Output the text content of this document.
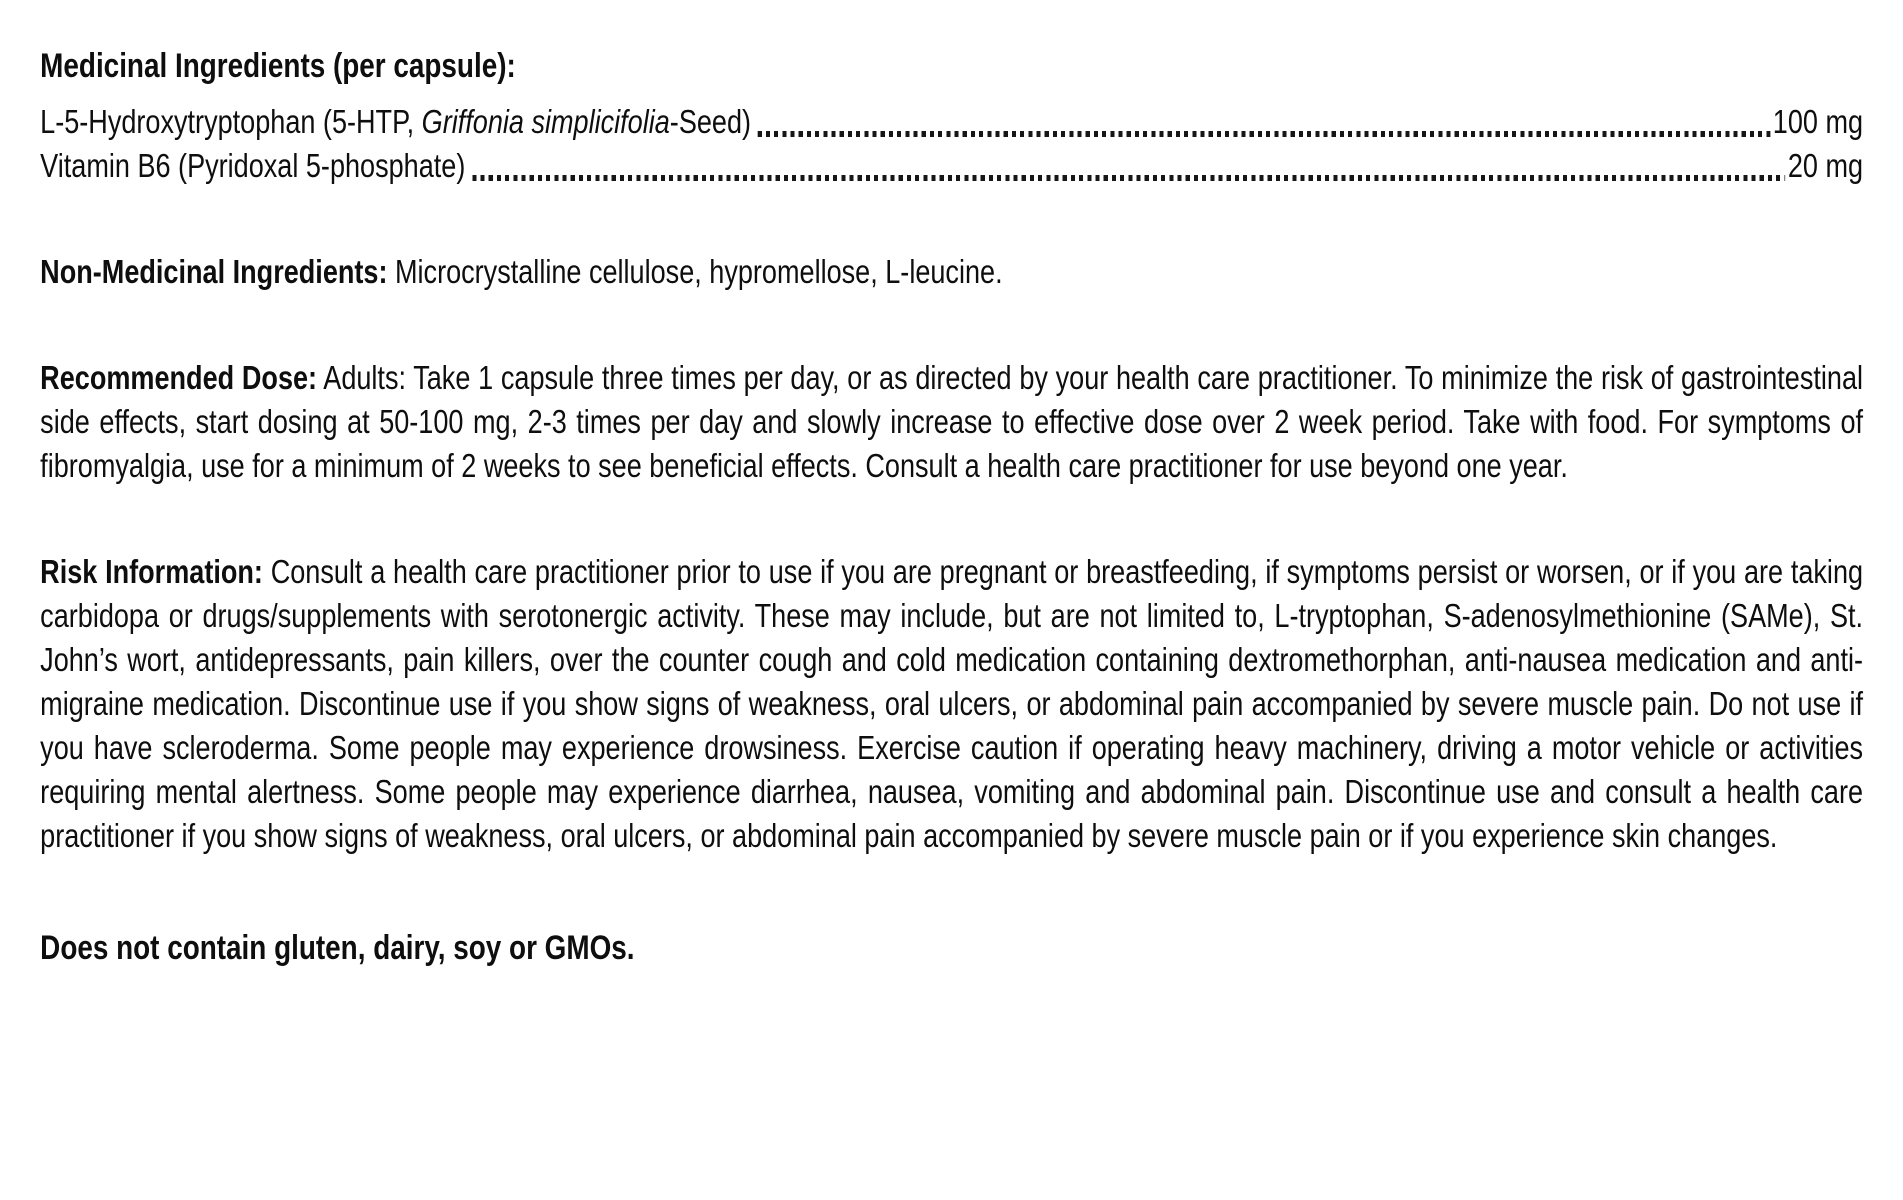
Medicinal Ingredients (per capsule):
L-5-Hydroxytryptophan (5-HTP, Griffonia simplicifolia-Seed)	100 mg
Vitamin B6 (Pyridoxal 5-phosphate)	20 mg

Non-Medicinal Ingredients: Microcrystalline cellulose, hypromellose, L-leucine.

Recommended Dose: Adults: Take 1 capsule three times per day, or as directed by your health care practitioner. To minimize the risk of gastrointestinal side effects, start dosing at 50-100 mg, 2-3 times per day and slowly increase to effective dose over 2 week period. Take with food. For symptoms of fibromyalgia, use for a minimum of 2 weeks to see beneficial effects. Consult a health care practitioner for use beyond one year.

Risk Information: Consult a health care practitioner prior to use if you are pregnant or breastfeeding, if symptoms persist or worsen, or if you are taking carbidopa or drugs/supplements with serotonergic activity. These may include, but are not limited to, L-tryptophan, S-adenosylmethionine (SAMe), St. John’s wort, antidepressants, pain killers, over the counter cough and cold medication containing dextromethorphan, anti-nausea medication and anti-migraine medication. Discontinue use if you show signs of weakness, oral ulcers, or abdominal pain accompanied by severe muscle pain. Do not use if you have scleroderma. Some people may experience drowsiness. Exercise caution if operating heavy machinery, driving a motor vehicle or activities requiring mental alertness. Some people may experience diarrhea, nausea, vomiting and abdominal pain. Discontinue use and consult a health care practitioner if you show signs of weakness, oral ulcers, or abdominal pain accompanied by severe muscle pain or if you experience skin changes.

Does not contain gluten, dairy, soy or GMOs.
